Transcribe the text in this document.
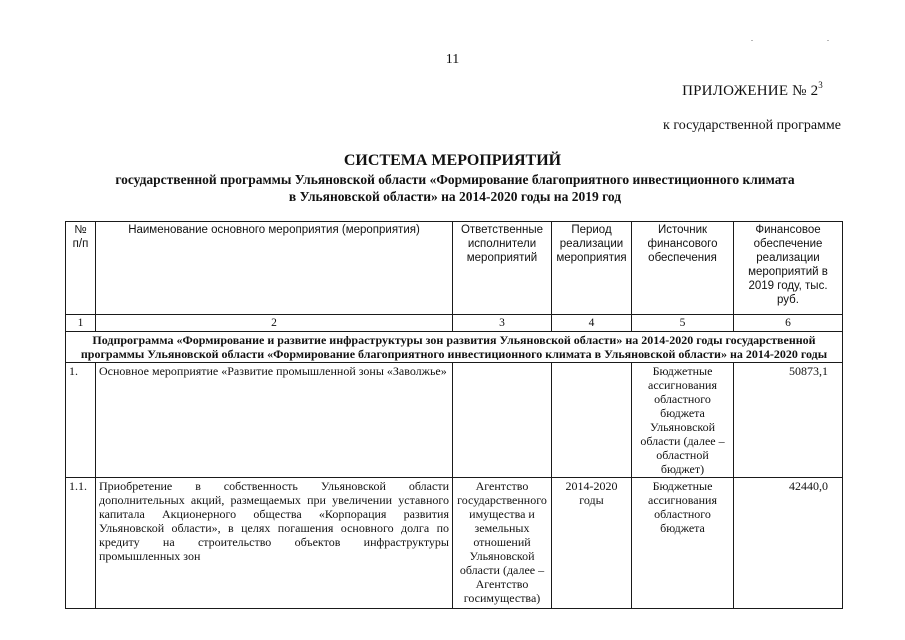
11
. .
ПРИЛОЖЕНИЕ № $2^3$
к государственной программе
СИСТЕМА МЕРОПРИЯТИЙ
государственной программы Ульяновской области «Формирование благоприятного инвестиционного климата
в Ульяновской области» на 2014-2020 годы на 2019 год
№ п/п	Наименование основного мероприятия (мероприятия)	Ответственные исполнители мероприятий	Период реализации мероприятия	Источник финансового обеспечения	Финансовое обеспечение реализации мероприятий в 2019 году, тыс. руб.
1	2	3	4	5	6
Подпрограмма «Формирование и развитие инфраструктуры зон развития Ульяновской области» на 2014-2020 годы государственной программы Ульяновской области «Формирование благоприятного инвестиционного климата в Ульяновской области» на 2014-2020 годы					
1.	Основное мероприятие «Развитие промышленной зоны «Заволжье»			Бюджетные ассигнования областного бюджета Ульяновской области (далее – областной бюджет)	50873,1
1.1.	Приобретение в собственность Ульяновской области дополнительных акций, размещаемых при увеличении уставного капитала Акционерного общества «Корпорация развития Ульяновской области», в целях погашения основного долга по кредиту на строительство объектов инфраструктуры промышленных зон	Агентство государственного имущества и земельных отношений Ульяновской области (далее – Агентство госимущества)	2014-2020 годы	Бюджетные ассигнования областного бюджета	42440,0
